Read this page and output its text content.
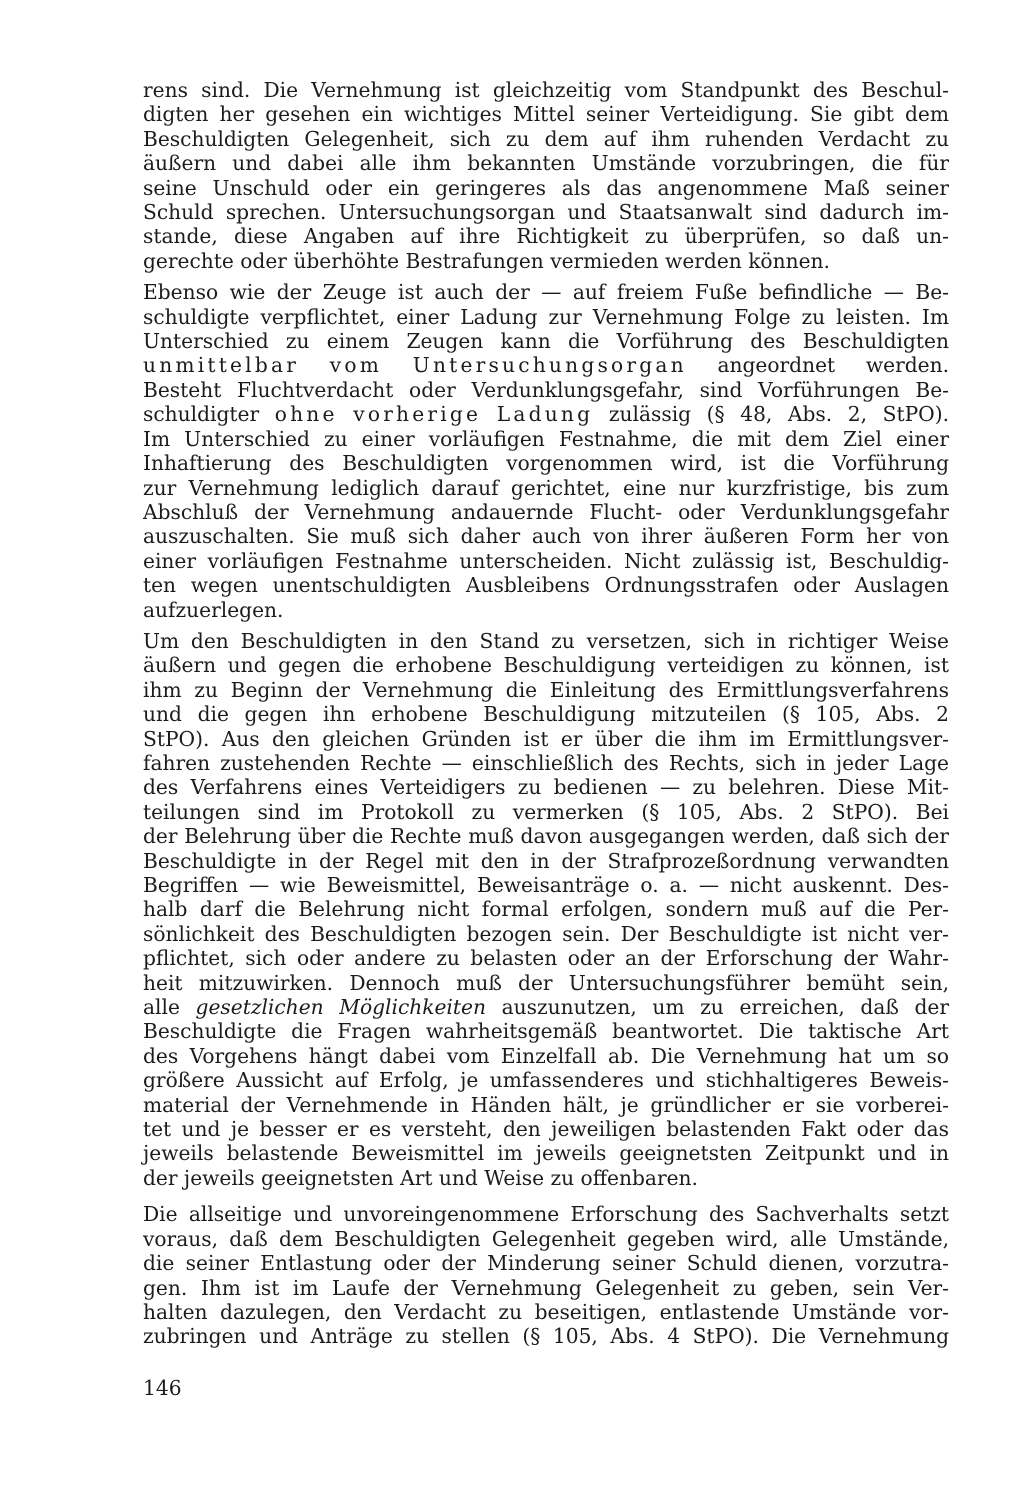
rens sind. Die Vernehmung ist gleichzeitig vom Standpunkt des Beschul-
digten her gesehen ein wichtiges Mittel seiner Verteidigung. Sie gibt dem
Beschuldigten Gelegenheit, sich zu dem auf ihm ruhenden Verdacht zu
äußern und dabei alle ihm bekannten Umstände vorzubringen, die für
seine Unschuld oder ein geringeres als das angenommene Maß seiner
Schuld sprechen. Untersuchungsorgan und Staatsanwalt sind dadurch im-
stande, diese Angaben auf ihre Richtigkeit zu überprüfen, so daß un-
gerechte oder überhöhte Bestrafungen vermieden werden können.
Ebenso wie der Zeuge ist auch der — auf freiem Fuße befindliche — Be-
schuldigte verpflichtet, einer Ladung zur Vernehmung Folge zu leisten. Im
Unterschied zu einem Zeugen kann die Vorführung des Beschuldigten
unmittelbar vom Untersuchungsorgan angeordnet werden.
Besteht Fluchtverdacht oder Verdunklungsgefahr, sind Vorführungen Be-
schuldigter ohne vorherige Ladung zulässig (§ 48, Abs. 2, StPO).
Im Unterschied zu einer vorläufigen Festnahme, die mit dem Ziel einer
Inhaftierung des Beschuldigten vorgenommen wird, ist die Vorführung
zur Vernehmung lediglich darauf gerichtet, eine nur kurzfristige, bis zum
Abschluß der Vernehmung andauernde Flucht- oder Verdunklungsgefahr
auszuschalten. Sie muß sich daher auch von ihrer äußeren Form her von
einer vorläufigen Festnahme unterscheiden. Nicht zulässig ist, Beschuldig-
ten wegen unentschuldigten Ausbleibens Ordnungsstrafen oder Auslagen
aufzuerlegen.
Um den Beschuldigten in den Stand zu versetzen, sich in richtiger Weise
äußern und gegen die erhobene Beschuldigung verteidigen zu können, ist
ihm zu Beginn der Vernehmung die Einleitung des Ermittlungsverfahrens
und die gegen ihn erhobene Beschuldigung mitzuteilen (§ 105, Abs. 2
StPO). Aus den gleichen Gründen ist er über die ihm im Ermittlungsver-
fahren zustehenden Rechte — einschließlich des Rechts, sich in jeder Lage
des Verfahrens eines Verteidigers zu bedienen — zu belehren. Diese Mit-
teilungen sind im Protokoll zu vermerken (§ 105, Abs. 2 StPO). Bei
der Belehrung über die Rechte muß davon ausgegangen werden, daß sich der
Beschuldigte in der Regel mit den in der Strafprozeßordnung verwandten
Begriffen — wie Beweismittel, Beweisanträge o. a. — nicht auskennt. Des-
halb darf die Belehrung nicht formal erfolgen, sondern muß auf die Per-
sönlichkeit des Beschuldigten bezogen sein. Der Beschuldigte ist nicht ver-
pflichtet, sich oder andere zu belasten oder an der Erforschung der Wahr-
heit mitzuwirken. Dennoch muß der Untersuchungsführer bemüht sein,
alle gesetzlichen Möglichkeiten auszunutzen, um zu erreichen, daß der
Beschuldigte die Fragen wahrheitsgemäß beantwortet. Die taktische Art
des Vorgehens hängt dabei vom Einzelfall ab. Die Vernehmung hat um so
größere Aussicht auf Erfolg, je umfassenderes und stichhaltigeres Beweis-
material der Vernehmende in Händen hält, je gründlicher er sie vorberei-
tet und je besser er es versteht, den jeweiligen belastenden Fakt oder das
jeweils belastende Beweismittel im jeweils geeignetsten Zeitpunkt und in
der jeweils geeignetsten Art und Weise zu offenbaren.
Die allseitige und unvoreingenommene Erforschung des Sachverhalts setzt
voraus, daß dem Beschuldigten Gelegenheit gegeben wird, alle Umstände,
die seiner Entlastung oder der Minderung seiner Schuld dienen, vorzutra-
gen. Ihm ist im Laufe der Vernehmung Gelegenheit zu geben, sein Ver-
halten dazulegen, den Verdacht zu beseitigen, entlastende Umstände vor-
zubringen und Anträge zu stellen (§ 105, Abs. 4 StPO). Die Vernehmung
146
